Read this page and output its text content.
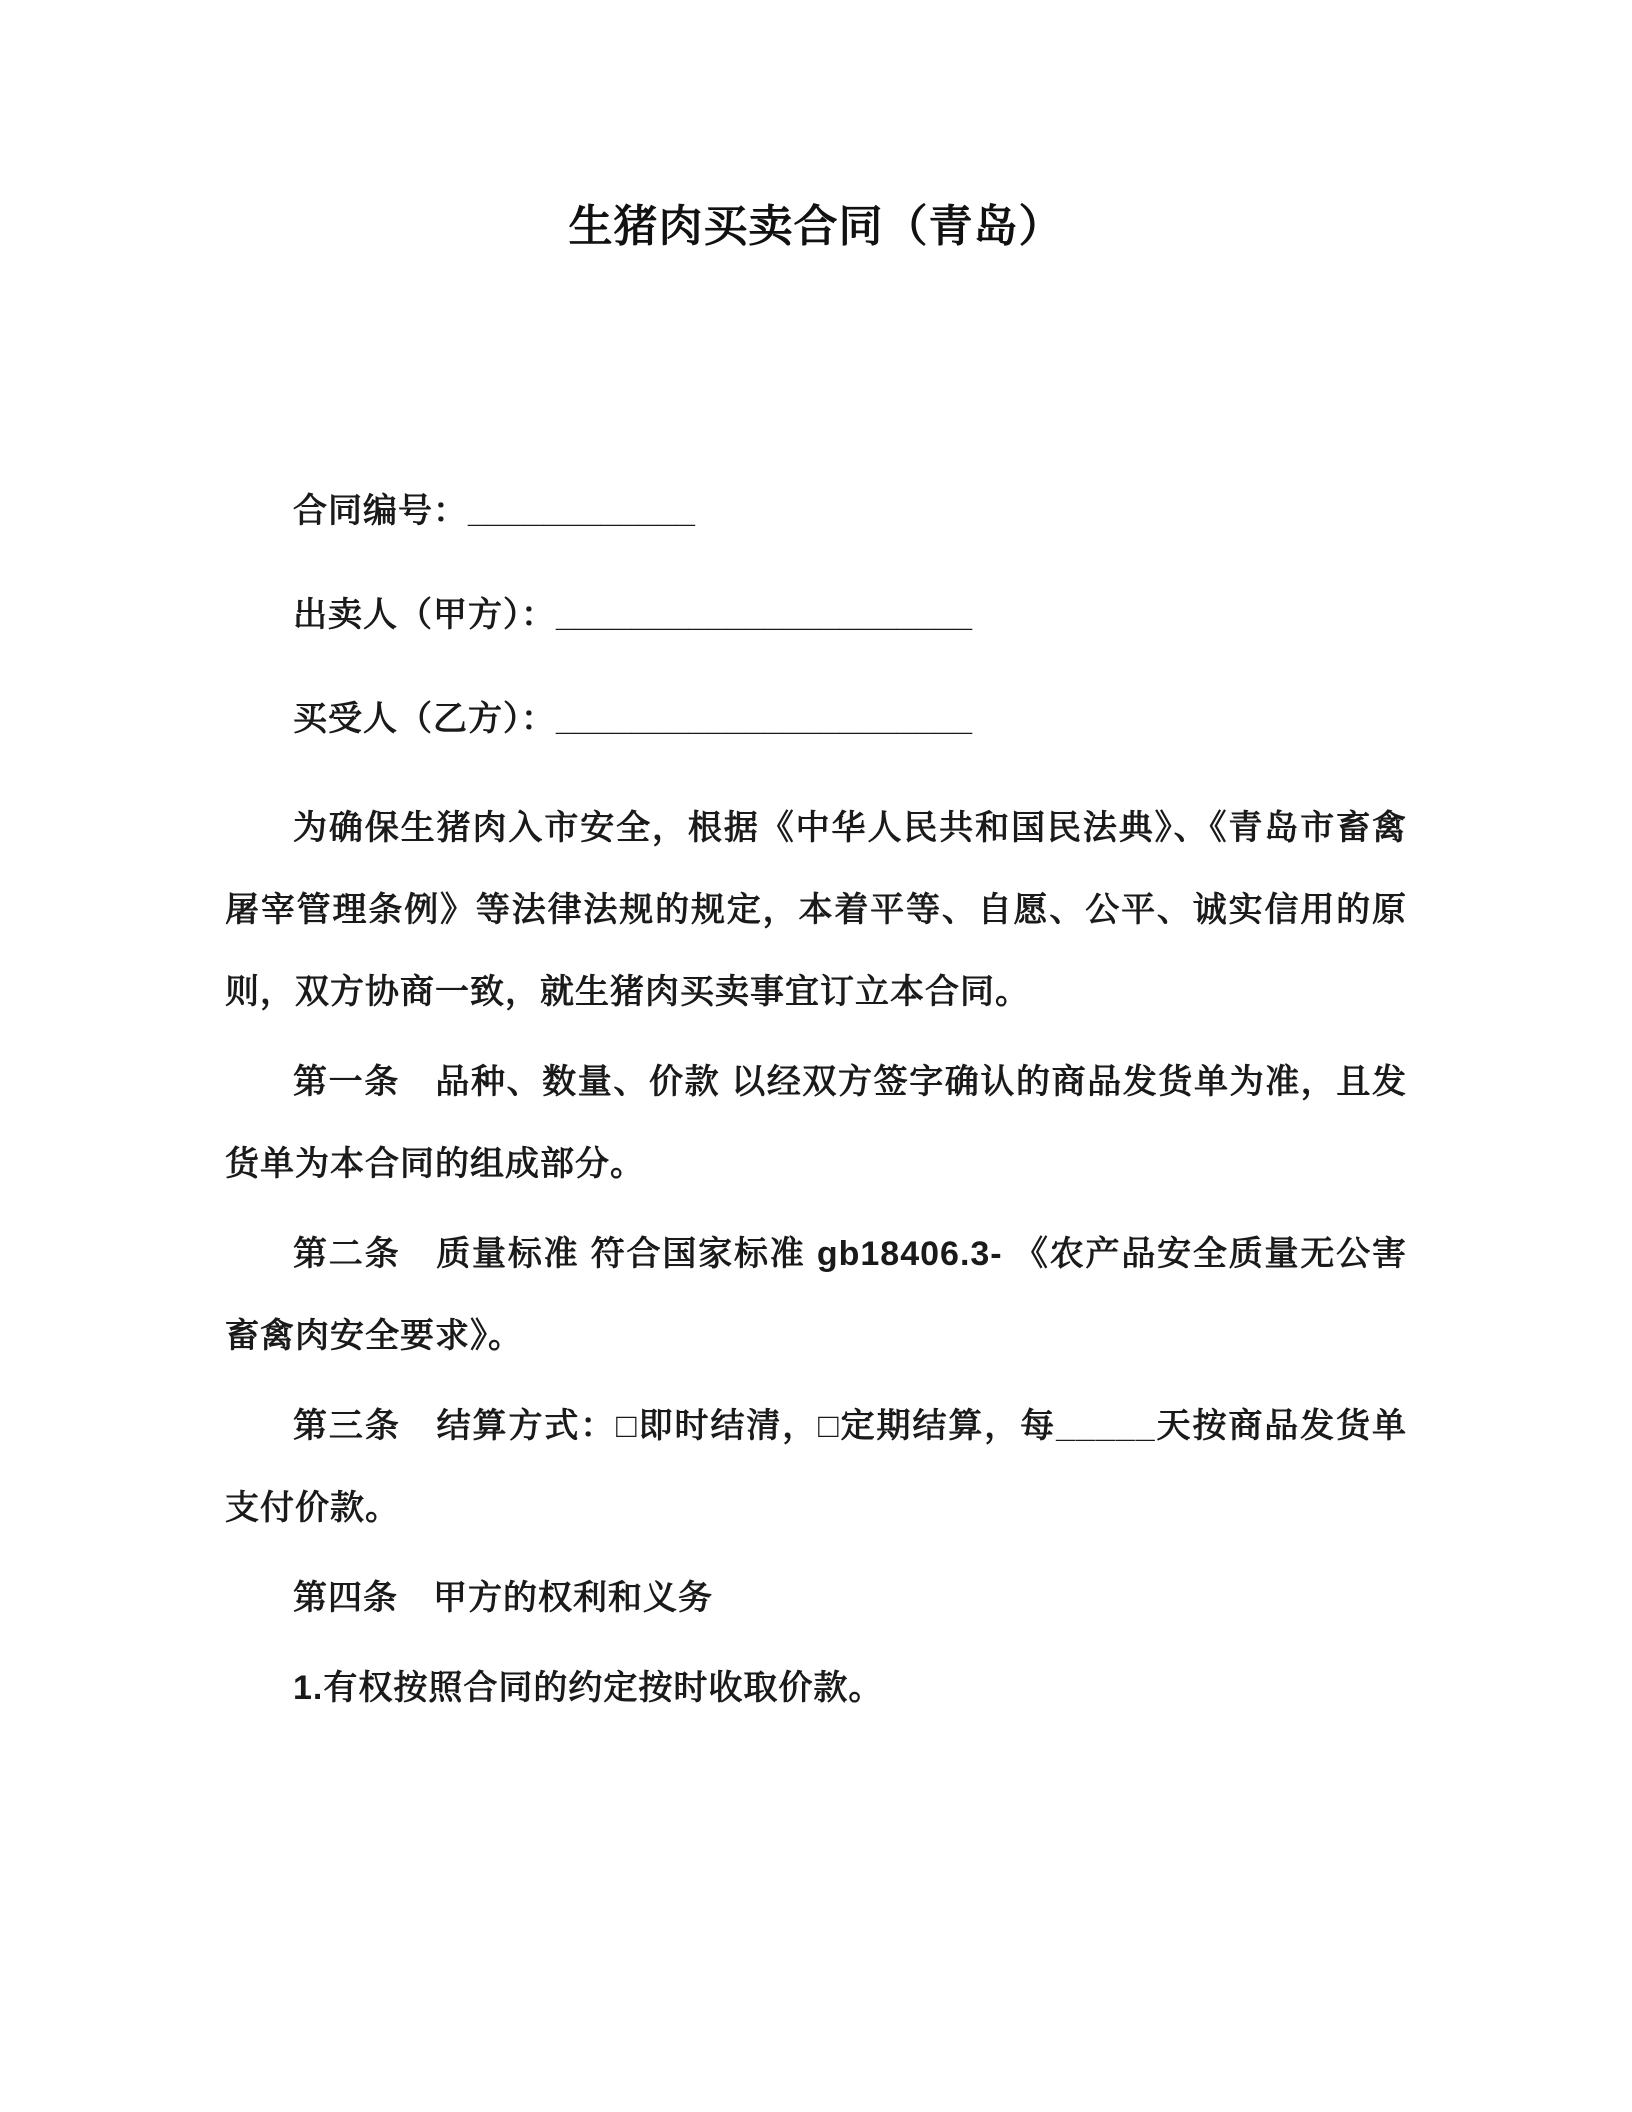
生猪肉买卖合同（青岛）
合同编号：____________
出卖人（甲方）：______________________
买受人（乙方）：______________________

为确保生猪肉入市安全，根据《中华人民共和国民法典》、《青岛市畜禽屠宰管理条例》等法律法规的规定，本着平等、自愿、公平、诚实信用的原则，双方协商一致，就生猪肉买卖事宜订立本合同。

第一条　品种、数量、价款 以经双方签字确认的商品发货单为准，且发货单为本合同的组成部分。

第二条　质量标准 符合国家标准 gb18406.3- 《农产品安全质量无公害畜禽肉安全要求》。

第三条　结算方式：□即时结清，□定期结算，每_____天按商品发货单支付价款。

第四条　甲方的权利和义务

1.有权按照合同的约定按时收取价款。
